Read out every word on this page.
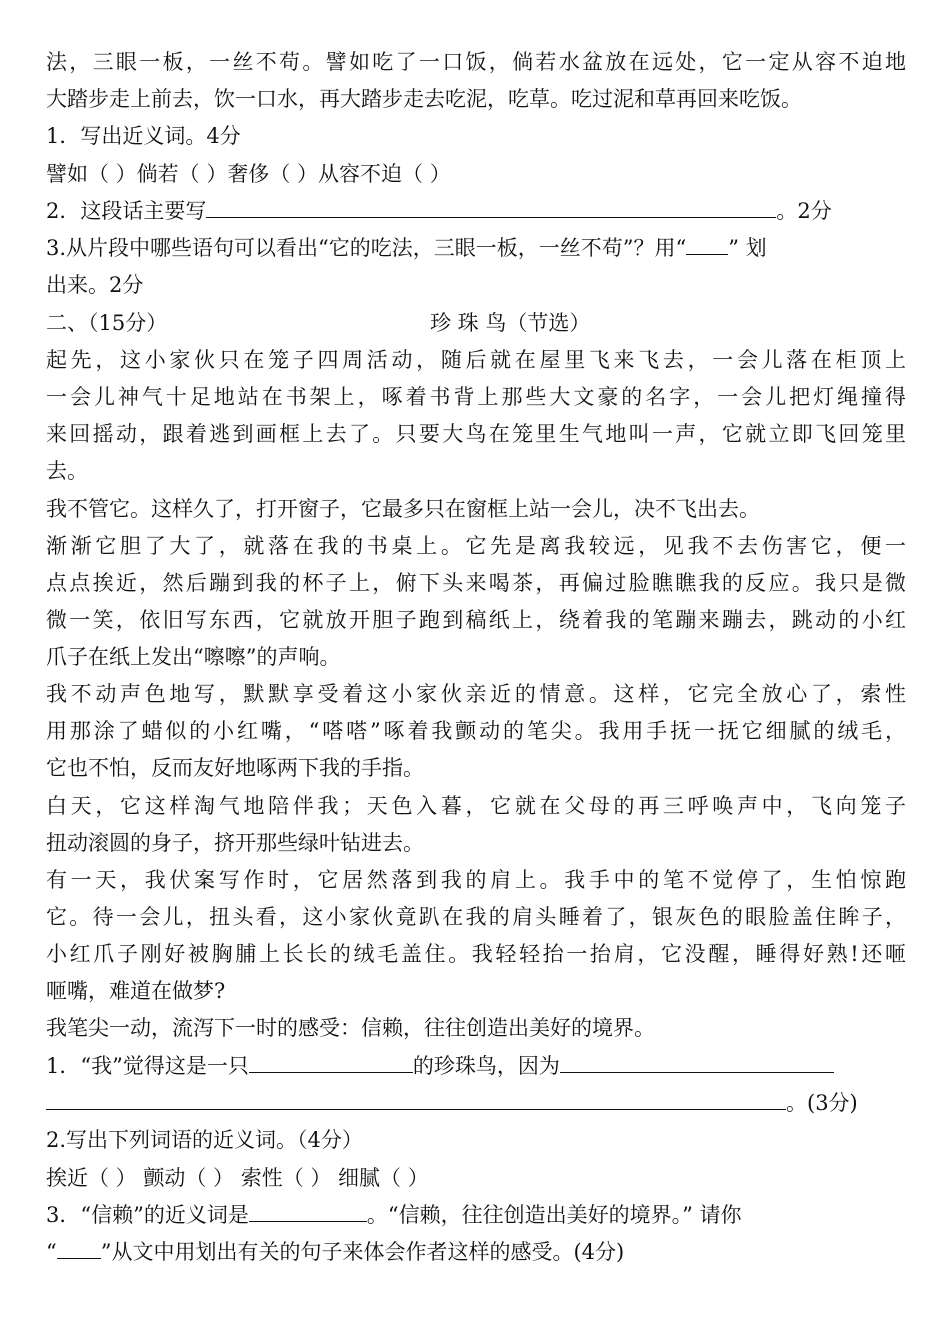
法，三眼一板，一丝不苟。譬如吃了一口饭，倘若水盆放在远处，它一定从容不迫地
大踏步走上前去，饮一口水，再大踏步走去吃泥，吃草。吃过泥和草再回来吃饭。
1．写出近义词。4分
譬如（ ）倘若（ ）奢侈（ ）从容不迫（ ）
2．这段话主要写	。2分
3.从片段中哪些语句可以看出“它的吃法，三眼一板，一丝不苟”？用“ ” 划
出来。2分
二、（15分）	珍 珠 鸟（节选）
起先，这小家伙只在笼子四周活动，随后就在屋里飞来飞去，一会儿落在柜顶上
一会儿神气十足地站在书架上，啄着书背上那些大文豪的名字，一会儿把灯绳撞得
来回摇动，跟着逃到画框上去了。只要大鸟在笼里生气地叫一声，它就立即飞回笼里
去。
我不管它。这样久了，打开窗子，它最多只在窗框上站一会儿，决不飞出去。
渐渐它胆了大了，就落在我的书桌上。它先是离我较远，见我不去伤害它，便一
点点挨近，然后蹦到我的杯子上，俯下头来喝茶，再偏过脸瞧瞧我的反应。我只是微
微一笑，依旧写东西，它就放开胆子跑到稿纸上，绕着我的笔蹦来蹦去，跳动的小红
爪子在纸上发出“嚓嚓”的声响。
我不动声色地写，默默享受着这小家伙亲近的情意。这样，它完全放心了，索性
用那涂了蜡似的小红嘴，“嗒嗒”啄着我颤动的笔尖。我用手抚一抚它细腻的绒毛，
它也不怕，反而友好地啄两下我的手指。
白天，它这样淘气地陪伴我；天色入暮，它就在父母的再三呼唤声中，飞向笼子
扭动滚圆的身子，挤开那些绿叶钻进去。
有一天，我伏案写作时，它居然落到我的肩上。我手中的笔不觉停了，生怕惊跑
它。待一会儿，扭头看，这小家伙竟趴在我的肩头睡着了，银灰色的眼脸盖住眸子，
小红爪子刚好被胸脯上长长的绒毛盖住。我轻轻抬一抬肩，它没醒，睡得好熟!还咂
咂嘴，难道在做梦?
我笔尖一动，流泻下一时的感受：信赖，往往创造出美好的境界。
1．“我”觉得这是一只	的珍珠鸟，因为
。(3分)
2.写出下列词语的近义词。（4分）
挨近（ ） 颤动（ ） 索性（ ） 细腻（ ）
3．“信赖”的近义词是	。“信赖，往往创造出美好的境界。” 请你
“ ”从文中用划出有关的句子来体会作者这样的感受。(4分)
